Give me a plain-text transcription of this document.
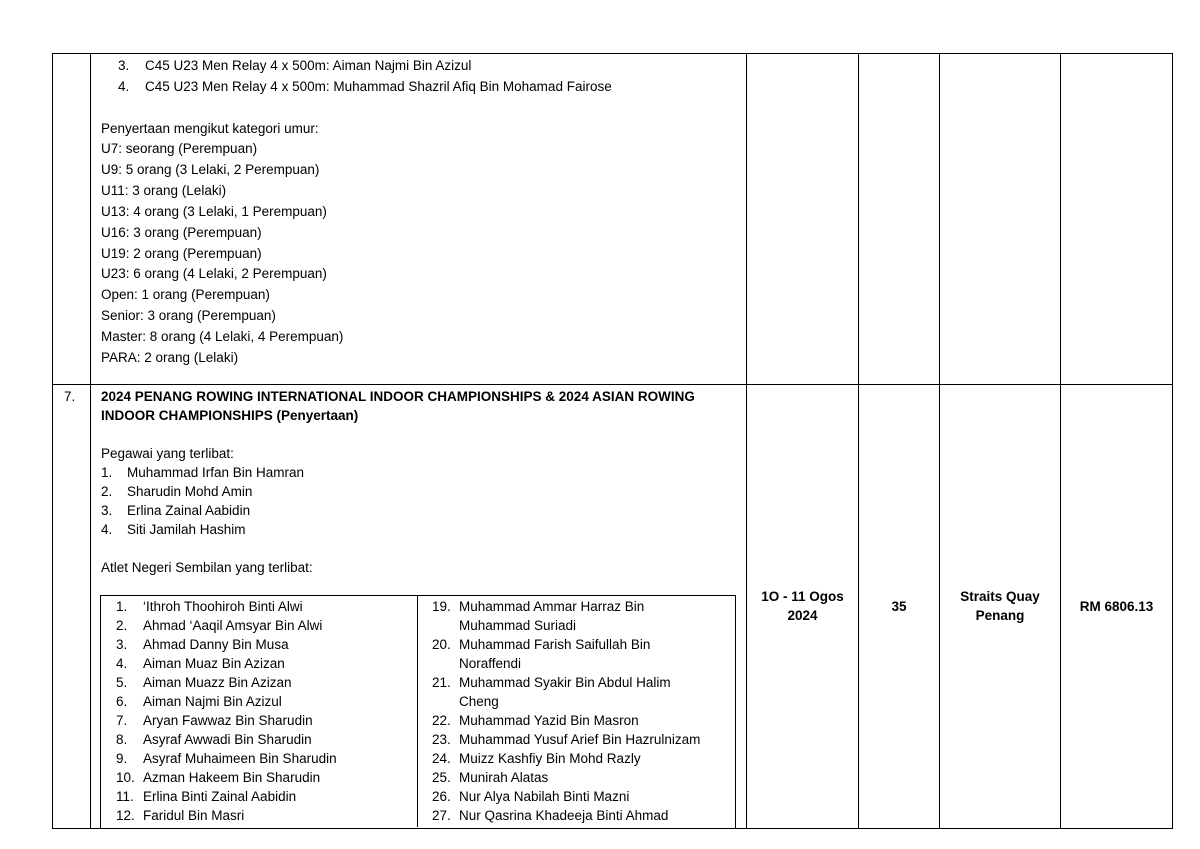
3. C45 U23 Men Relay 4 x 500m: Aiman Najmi Bin Azizul
4. C45 U23 Men Relay 4 x 500m: Muhammad Shazril Afiq Bin Mohamad Fairose
Penyertaan mengikut kategori umur:
U7: seorang (Perempuan)
U9: 5 orang (3 Lelaki, 2 Perempuan)
U11: 3 orang (Lelaki)
U13: 4 orang (3 Lelaki, 1 Perempuan)
U16: 3 orang (Perempuan)
U19: 2 orang (Perempuan)
U23: 6 orang (4 Lelaki, 2 Perempuan)
Open: 1 orang (Perempuan)
Senior: 3 orang (Perempuan)
Master: 8 orang (4 Lelaki, 4 Perempuan)
PARA: 2 orang (Lelaki)
7. 2024 PENANG ROWING INTERNATIONAL INDOOR CHAMPIONSHIPS & 2024 ASIAN ROWING
INDOOR CHAMPIONSHIPS (Penyertaan)
Pegawai yang terlibat:
1. Muhammad Irfan Bin Hamran
2. Sharudin Mohd Amin
3. Erlina Zainal Aabidin
4. Siti Jamilah Hashim
Atlet Negeri Sembilan yang terlibat:
1. ‘Ithroh Thoohiroh Binti Alwi
2. Ahmad ‘Aaqil Amsyar Bin Alwi
3. Ahmad Danny Bin Musa
4. Aiman Muaz Bin Azizan
5. Aiman Muazz Bin Azizan
6. Aiman Najmi Bin Azizul
7. Aryan Fawwaz Bin Sharudin
8. Asyraf Awwadi Bin Sharudin
9. Asyraf Muhaimeen Bin Sharudin
10. Azman Hakeem Bin Sharudin
11. Erlina Binti Zainal Aabidin
12. Faridul Bin Masri
19. Muhammad Ammar Harraz Bin
Muhammad Suriadi
20. Muhammad Farish Saifullah Bin
Noraffendi
21. Muhammad Syakir Bin Abdul Halim
Cheng
22. Muhammad Yazid Bin Masron
23. Muhammad Yusuf Arief Bin Hazrulnizam
24. Muizz Kashfiy Bin Mohd Razly
25. Munirah Alatas
26. Nur Alya Nabilah Binti Mazni
27. Nur Qasrina Khadeeja Binti Ahmad
1O - 11 Ogos
2024
35
Straits Quay
Penang
RM 6806.13
